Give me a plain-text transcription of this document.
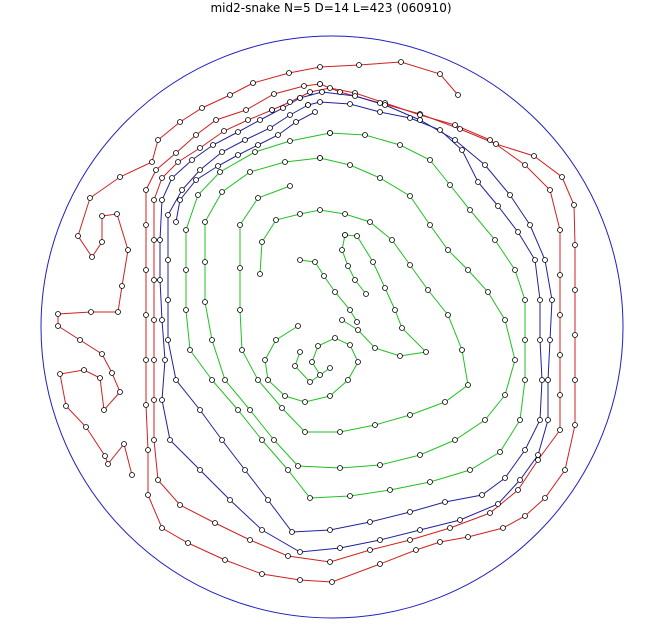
mid2-snake N=5 D=14 L=423 (060910)
